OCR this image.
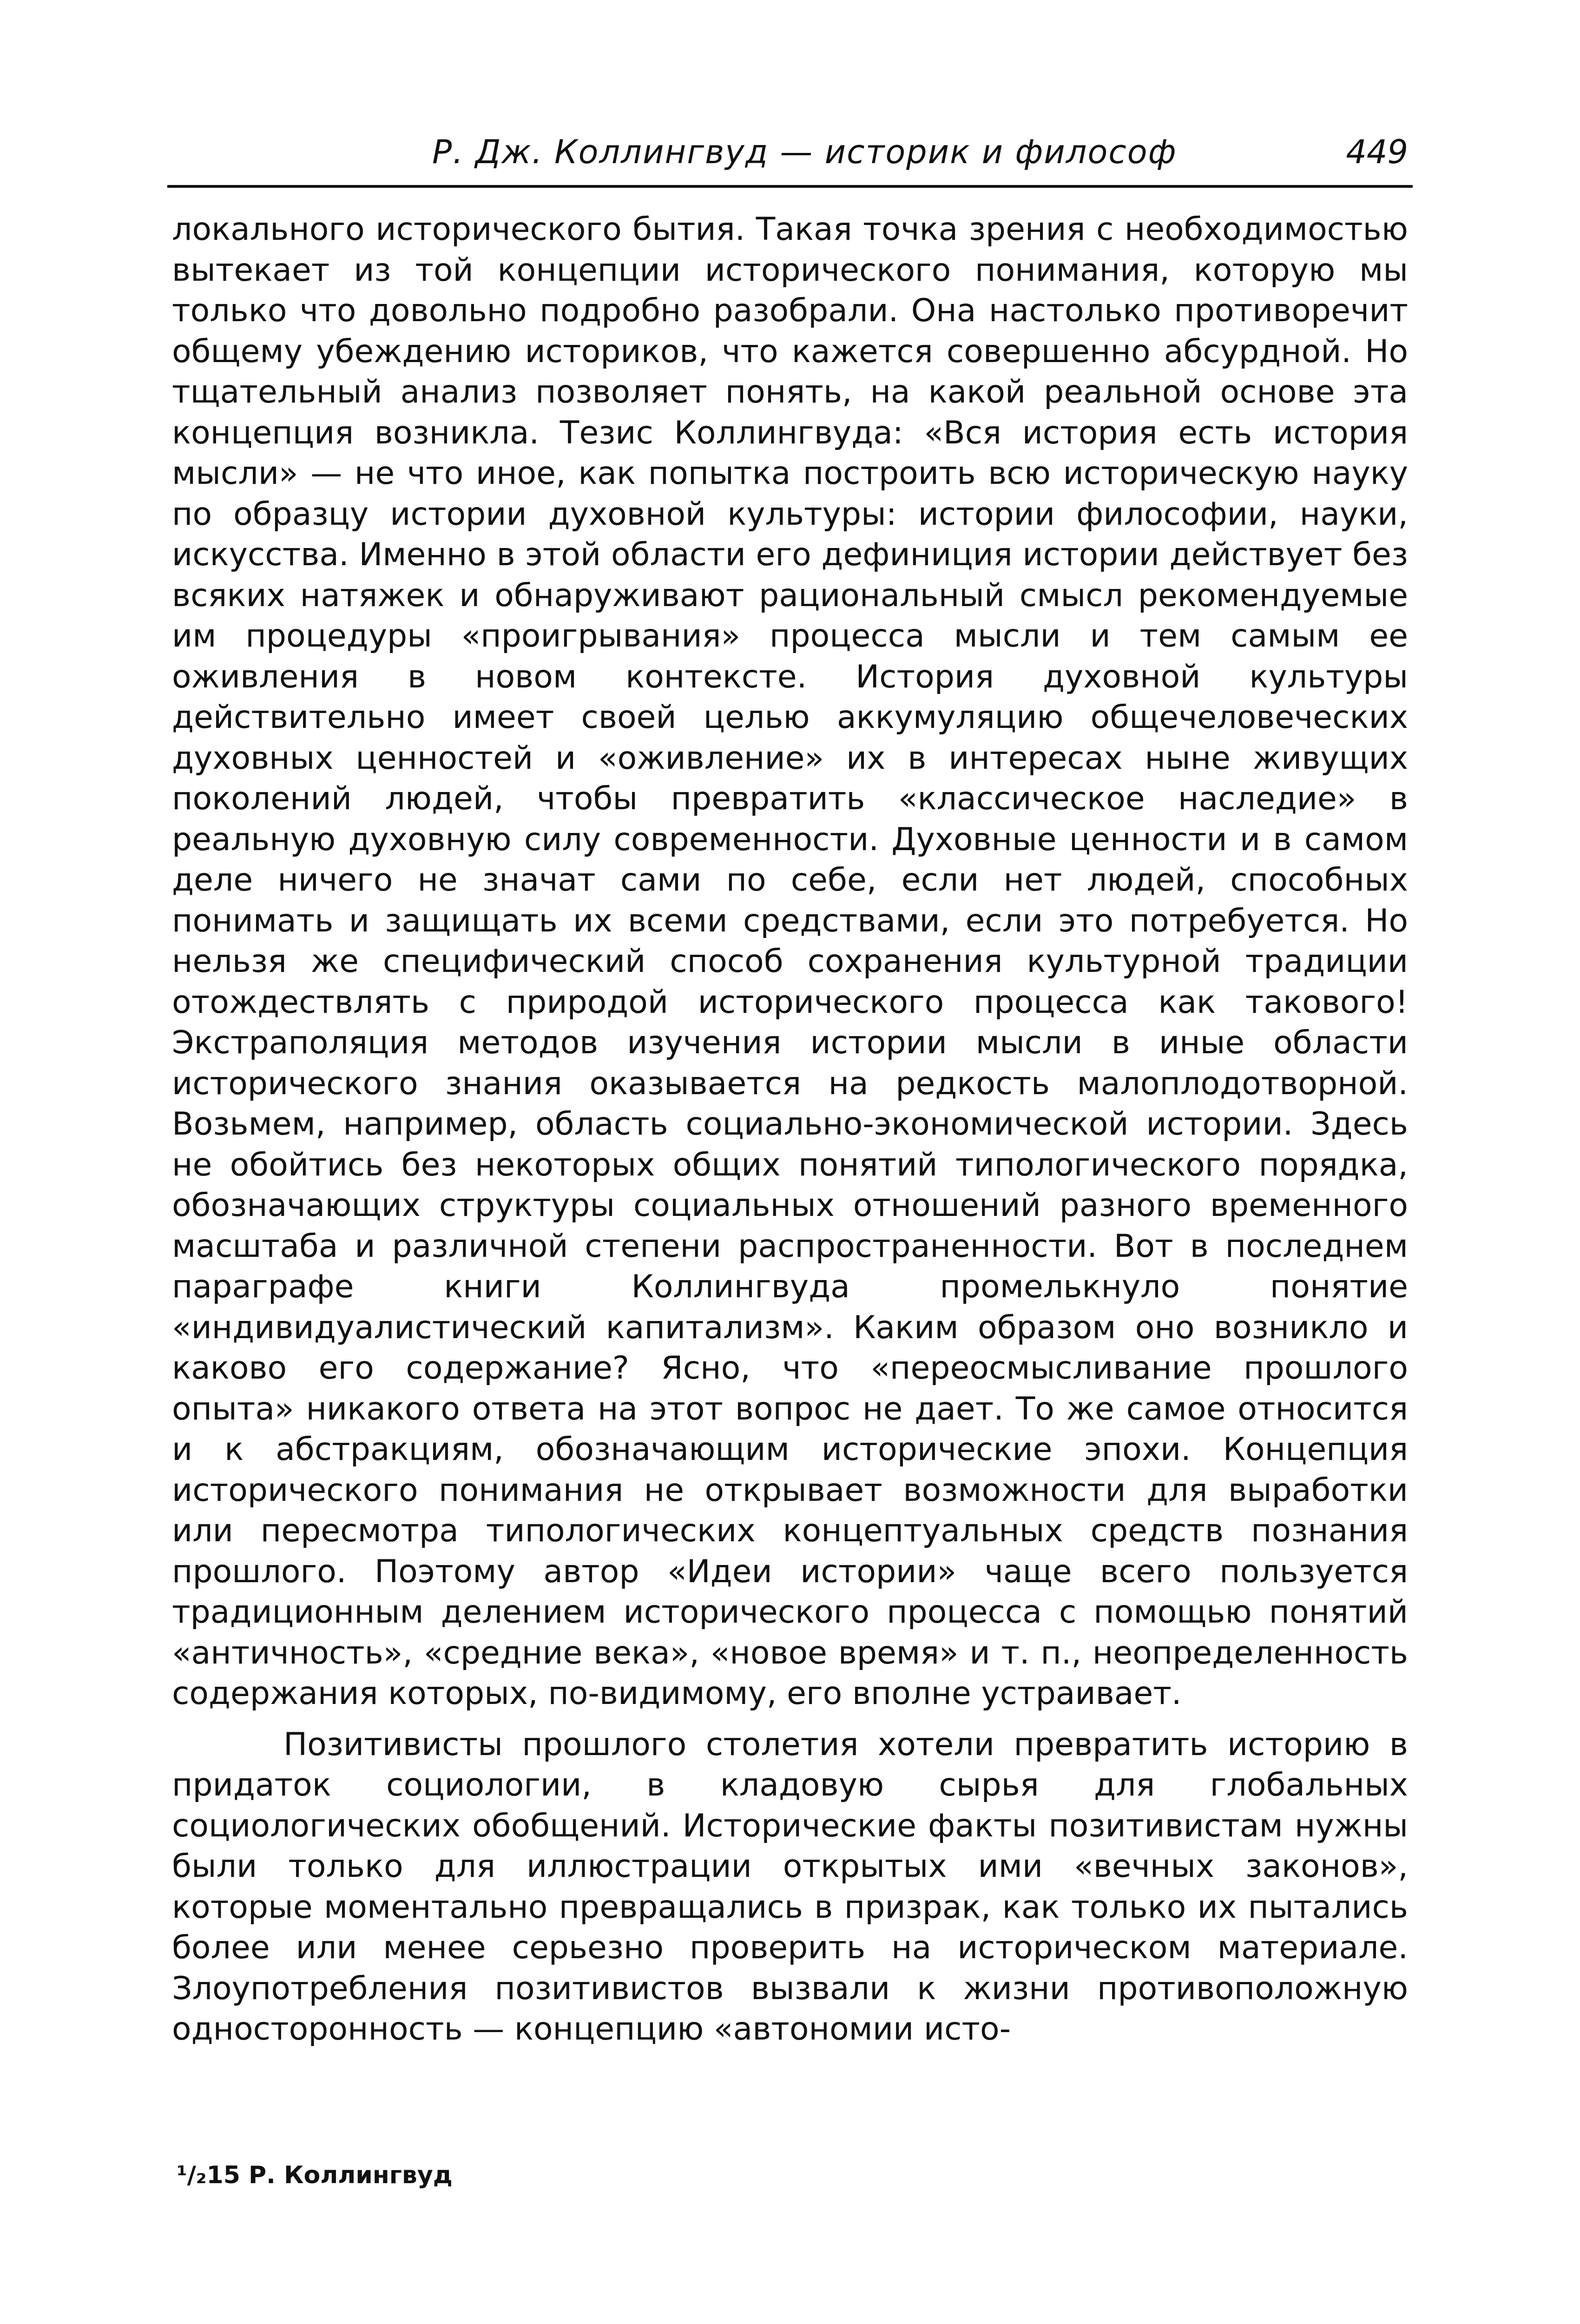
Р. Дж. Коллингвуд — историк и философ	449

локального исторического бытия. Такая точка зрения с необходимостью вытекает из той концепции исторического понимания, которую мы только что довольно подробно разобрали. Она настолько противоречит общему убеждению историков, что кажется совершенно абсурдной. Но тщательный анализ позволяет понять, на какой реальной основе эта концепция возникла. Тезис Коллингвуда: «Вся история есть история мысли» — не что иное, как попытка построить всю историческую науку по образцу истории духовной культуры: истории философии, науки, искусства. Именно в этой области его дефиниция истории действует без всяких натяжек и обнаруживают рациональный смысл рекомендуемые им процедуры «проигрывания» процесса мысли и тем самым ее оживления в новом контексте. История духовной культуры действительно имеет своей целью аккумуляцию общечеловеческих духовных ценностей и «оживление» их в интересах ныне живущих поколений людей, чтобы превратить «классическое наследие» в реальную духовную силу современности. Духовные ценности и в самом деле ничего не значат сами по себе, если нет людей, способных понимать и защищать их всеми средствами, если это потребуется. Но нельзя же специфический способ сохранения культурной традиции отождествлять с природой исторического процесса как такового! Экстраполяция методов изучения истории мысли в иные области исторического знания оказывается на редкость малоплодотворной. Возьмем, например, область социально-экономической истории. Здесь не обойтись без некоторых общих понятий типологического порядка, обозначающих структуры социальных отношений разного временного масштаба и различной степени распространенности. Вот в последнем параграфе книги Коллингвуда промелькнуло понятие «индивидуалистический капитализм». Каким образом оно возникло и каково его содержание? Ясно, что «переосмысливание прошлого опыта» никакого ответа на этот вопрос не дает. То же самое относится и к абстракциям, обозначающим исторические эпохи. Концепция исторического понимания не открывает возможности для выработки или пересмотра типологических концептуальных средств познания прошлого. Поэтому автор «Идеи истории» чаще всего пользуется традиционным делением исторического процесса с помощью понятий «античность», «средние века», «новое время» и т. п., неопределенность содержания которых, по-видимому, его вполне устраивает.

Позитивисты прошлого столетия хотели превратить историю в придаток социологии, в кладовую сырья для глобальных социологических обобщений. Исторические факты позитивистам нужны были только для иллюстрации открытых ими «вечных законов», которые моментально превращались в призрак, как только их пытались более или менее серьезно проверить на историческом материале. Злоупотребления позитивистов вызвали к жизни противоположную односторонность — концепцию «автономии исто-

¹/₂15 Р. Коллингвуд
